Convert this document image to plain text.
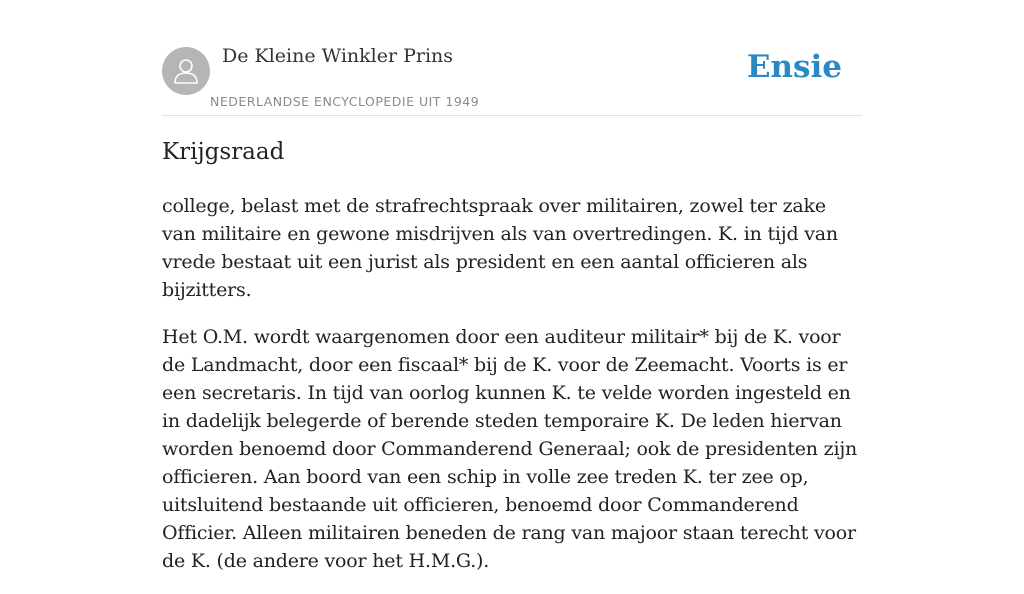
De Kleine Winkler Prins
NEDERLANDSE ENCYCLOPEDIE UIT 1949
Ensie
Krijgsraad

college, belast met de strafrechtspraak over militairen, zowel ter zake van militaire en gewone misdrijven als van overtredingen. K. in tijd van vrede bestaat uit een jurist als president en een aantal officieren als bijzitters.

Het O.M. wordt waargenomen door een auditeur militair* bij de K. voor de Landmacht, door een fiscaal* bij de K. voor de Zeemacht. Voorts is er een secretaris. In tijd van oorlog kunnen K. te velde worden ingesteld en in dadelijk belegerde of berende steden temporaire K. De leden hiervan worden benoemd door Commanderend Generaal; ook de presidenten zijn officieren. Aan boord van een schip in volle zee treden K. ter zee op, uitsluitend bestaande uit officieren, benoemd door Commanderend Officier. Alleen militairen beneden de rang van majoor staan terecht voor de K. (de andere voor het H.M.G.).
